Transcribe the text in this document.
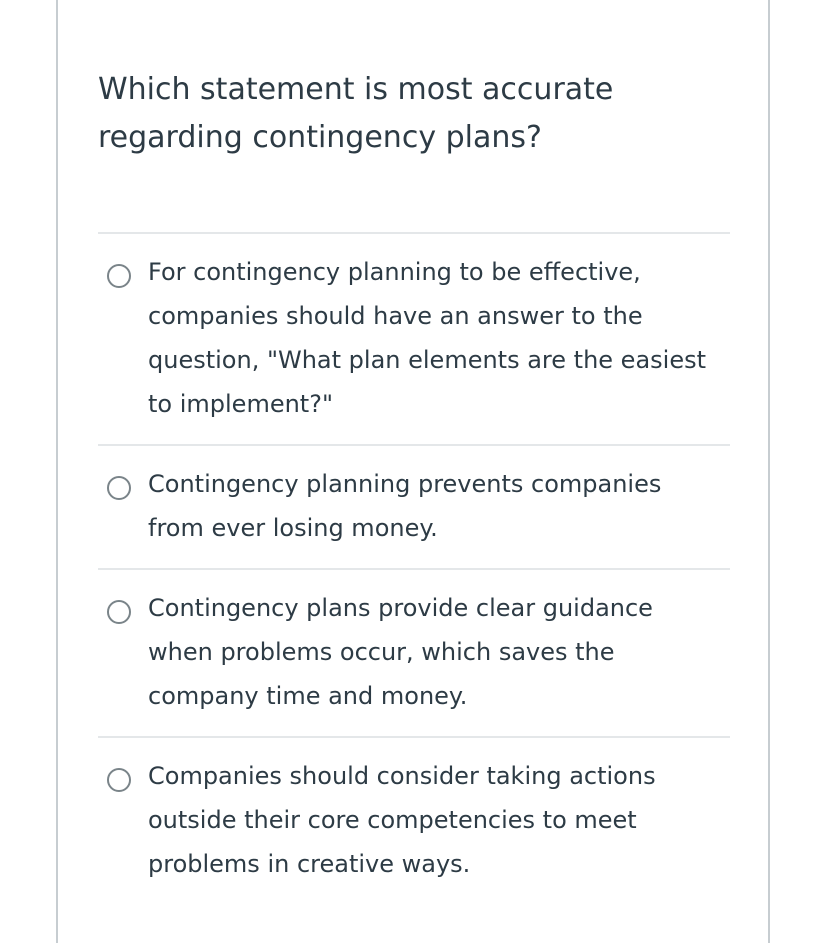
Which statement is most accurate regarding contingency plans?
For contingency planning to be effective, companies should have an answer to the question, "What plan elements are the easiest to implement?"
Contingency planning prevents companies from ever losing money.
Contingency plans provide clear guidance when problems occur, which saves the company time and money.
Companies should consider taking actions outside their core competencies to meet problems in creative ways.
